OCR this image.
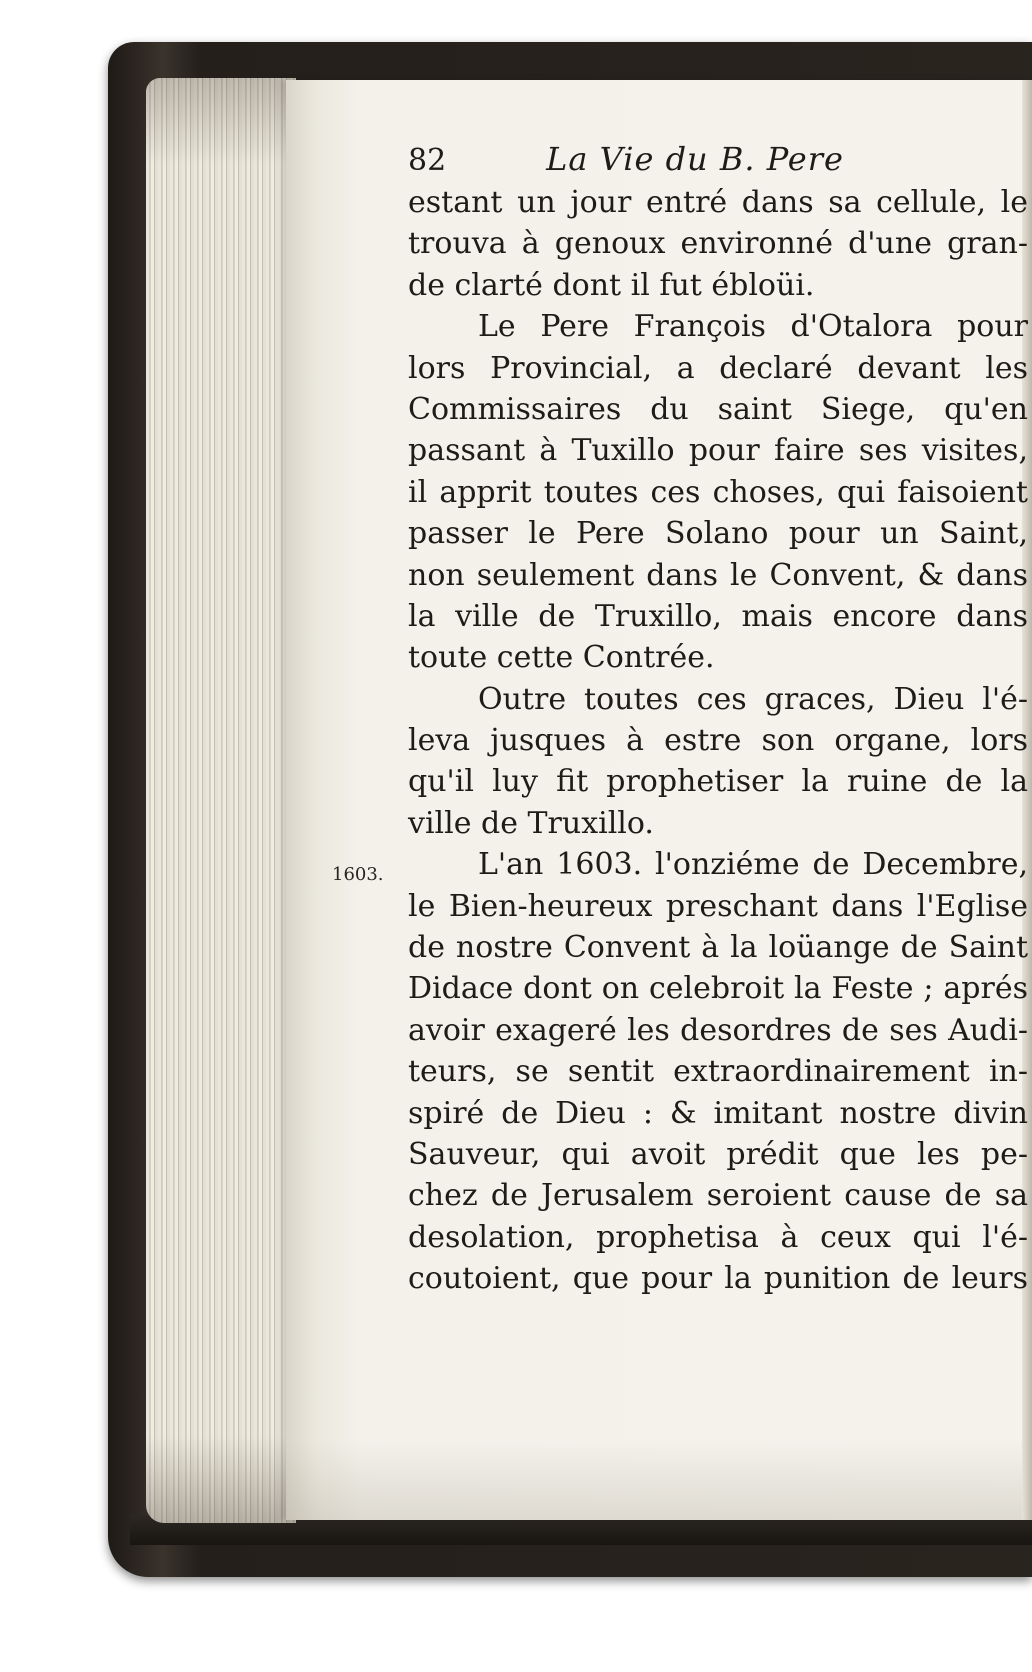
82	La Vie du B. Pere
estant un jour entré dans sa cellule, le
trouva à genoux environné d'une gran-
de clarté dont il fut ébloüi.
Le Pere François d'Otalora pour
lors Provincial, a declaré devant les
Commissaires du saint Siege, qu'en
passant à Tuxillo pour faire ses visites,
il apprit toutes ces choses, qui faisoient
passer le Pere Solano pour un Saint,
non seulement dans le Convent, & dans
la ville de Truxillo, mais encore dans
toute cette Contrée.
Outre toutes ces graces, Dieu l'é-
leva jusques à estre son organe, lors
qu'il luy fit prophetiser la ruine de la
ville de Truxillo.
L'an 1603. l'onziéme de Decembre,
le Bien-heureux preschant dans l'Eglise
de nostre Convent à la loüange de Saint
Didace dont on celebroit la Feste ; aprés
avoir exageré les desordres de ses Audi-
teurs, se sentit extraordinairement in-
spiré de Dieu : & imitant nostre divin
Sauveur, qui avoit prédit que les pe-
chez de Jerusalem seroient cause de sa
desolation, prophetisa à ceux qui l'é-
coutoient, que pour la punition de leurs
1603.
